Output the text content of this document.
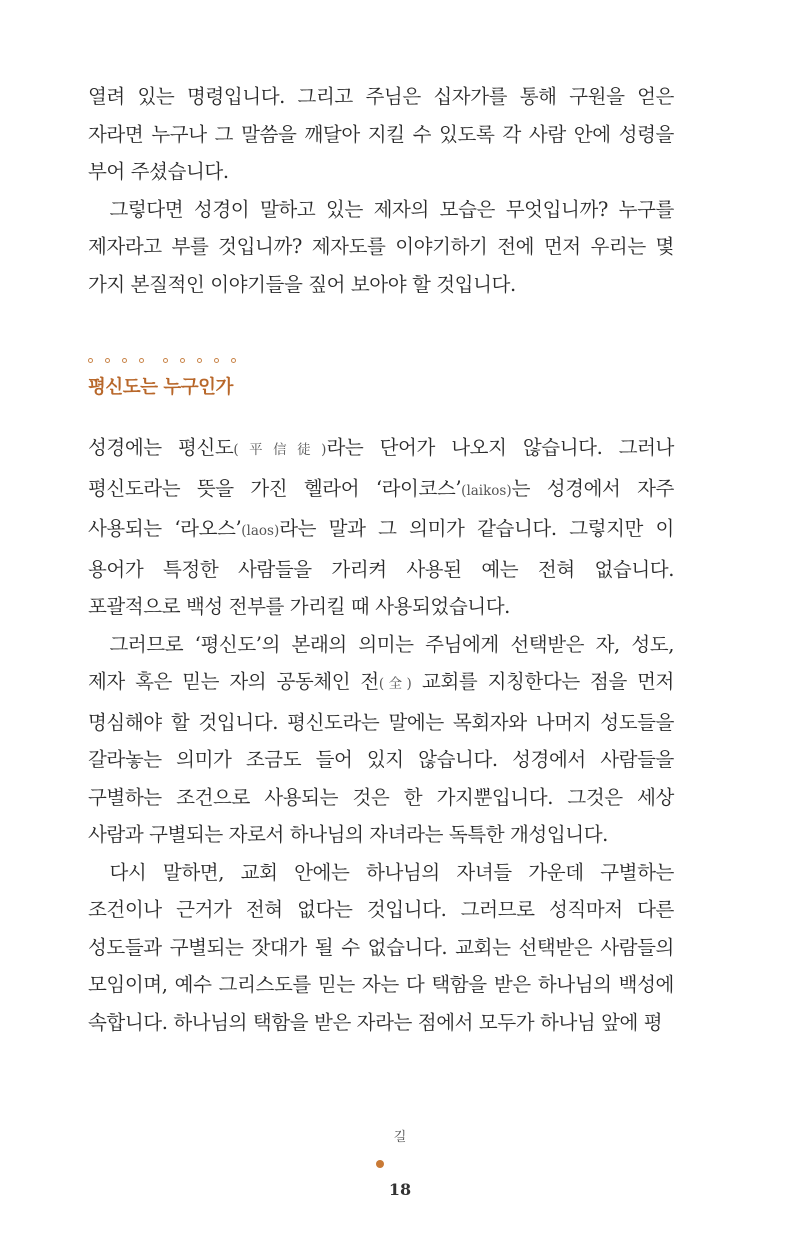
열려 있는 명령입니다. 그리고 주님은 십자가를 통해 구원을 얻은 자라면 누구나 그 말씀을 깨달아 지킬 수 있도록 각 사람 안에 성령을 부어 주셨습니다.

그렇다면 성경이 말하고 있는 제자의 모습은 무엇입니까? 누구를 제자라고 부를 것입니까? 제자도를 이야기하기 전에 먼저 우리는 몇 가지 본질적인 이야기들을 짚어 보아야 할 것입니다.

평신도는 누구인가

성경에는 평신도(平信徒)라는 단어가 나오지 않습니다. 그러나 평신도라는 뜻을 가진 헬라어 ‘라이코스’(laikos)는 성경에서 자주 사용되는 ‘라오스’(laos)라는 말과 그 의미가 같습니다. 그렇지만 이 용어가 특정한 사람들을 가리켜 사용된 예는 전혀 없습니다. 포괄적으로 백성 전부를 가리킬 때 사용되었습니다.

그러므로 ‘평신도’의 본래의 의미는 주님에게 선택받은 자, 성도, 제자 혹은 믿는 자의 공동체인 전(全) 교회를 지칭한다는 점을 먼저 명심해야 할 것입니다. 평신도라는 말에는 목회자와 나머지 성도들을 갈라놓는 의미가 조금도 들어 있지 않습니다. 성경에서 사람들을 구별하는 조건으로 사용되는 것은 한 가지뿐입니다. 그것은 세상 사람과 구별되는 자로서 하나님의 자녀라는 독특한 개성입니다.

다시 말하면, 교회 안에는 하나님의 자녀들 가운데 구별하는 조건이나 근거가 전혀 없다는 것입니다. 그러므로 성직마저 다른 성도들과 구별되는 잣대가 될 수 없습니다. 교회는 선택받은 사람들의 모임이며, 예수 그리스도를 믿는 자는 다 택함을 받은 하나님의 백성에 속합니다. 하나님의 택함을 받은 자라는 점에서 모두가 하나님 앞에 평

길
18
